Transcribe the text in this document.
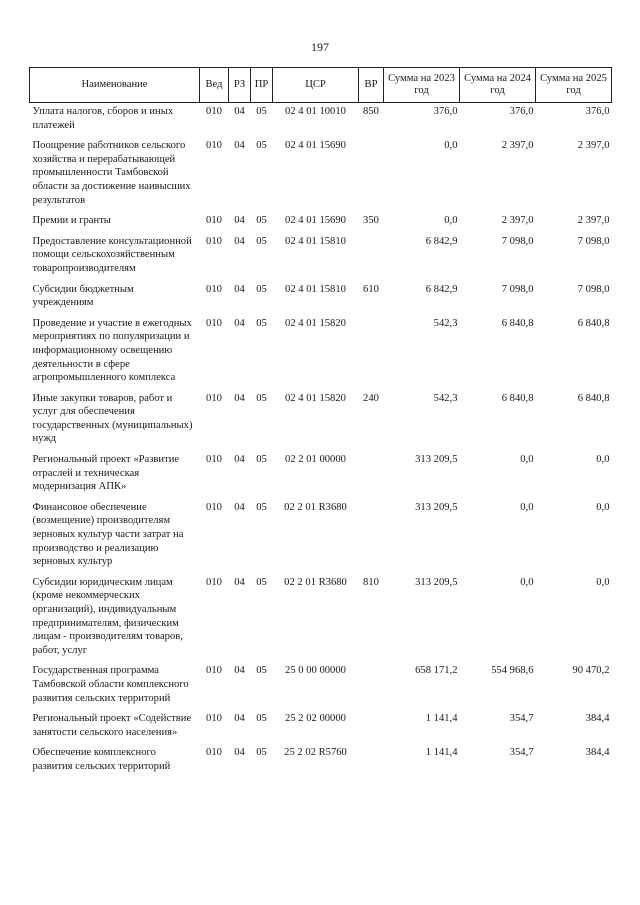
197
Наименование	Вед	РЗ	ПР	ЦСР	ВР	Сумма на 2023 год	Сумма на 2024 год	Сумма на 2025 год
Уплата налогов, сборов и иных платежей	010	04	05	02 4 01 10010	850	376,0	376,0	376,0
Поощрение работников сельского хозяйства и перерабатывающей промышленности Тамбовской области за достижение наивысших результатов	010	04	05	02 4 01 15690		0,0	2 397,0	2 397,0
Премии и гранты	010	04	05	02 4 01 15690	350	0,0	2 397,0	2 397,0
Предоставление консультационной помощи сельскохозяйственным товаропроизводителям	010	04	05	02 4 01 15810		6 842,9	7 098,0	7 098,0
Субсидии бюджетным учреждениям	010	04	05	02 4 01 15810	610	6 842,9	7 098,0	7 098,0
Проведение и участие в ежегодных мероприятиях по популяризации и информационному освещению деятельности в сфере агропромышленного комплекса	010	04	05	02 4 01 15820		542,3	6 840,8	6 840,8
Иные закупки товаров, работ и услуг для обеспечения государственных (муниципальных) нужд	010	04	05	02 4 01 15820	240	542,3	6 840,8	6 840,8
Региональный проект «Развитие отраслей и техническая модернизация АПК»	010	04	05	02 2 01 00000		313 209,5	0,0	0,0
Финансовое обеспечение (возмещение) производителям зерновых культур части затрат на производство и реализацию зерновых культур	010	04	05	02 2 01 R3680		313 209,5	0,0	0,0
Субсидии юридическим лицам (кроме некоммерческих организаций), индивидуальным предпринимателям, физическим лицам - производителям товаров, работ, услуг	010	04	05	02 2 01 R3680	810	313 209,5	0,0	0,0
Государственная программа Тамбовской области комплексного развития сельских территорий	010	04	05	25 0 00 00000		658 171,2	554 968,6	90 470,2
Региональный проект «Содействие занятости сельского населения»	010	04	05	25 2 02 00000		1 141,4	354,7	384,4
Обеспечение комплексного развития сельских территорий	010	04	05	25 2 02 R5760		1 141,4	354,7	384,4
